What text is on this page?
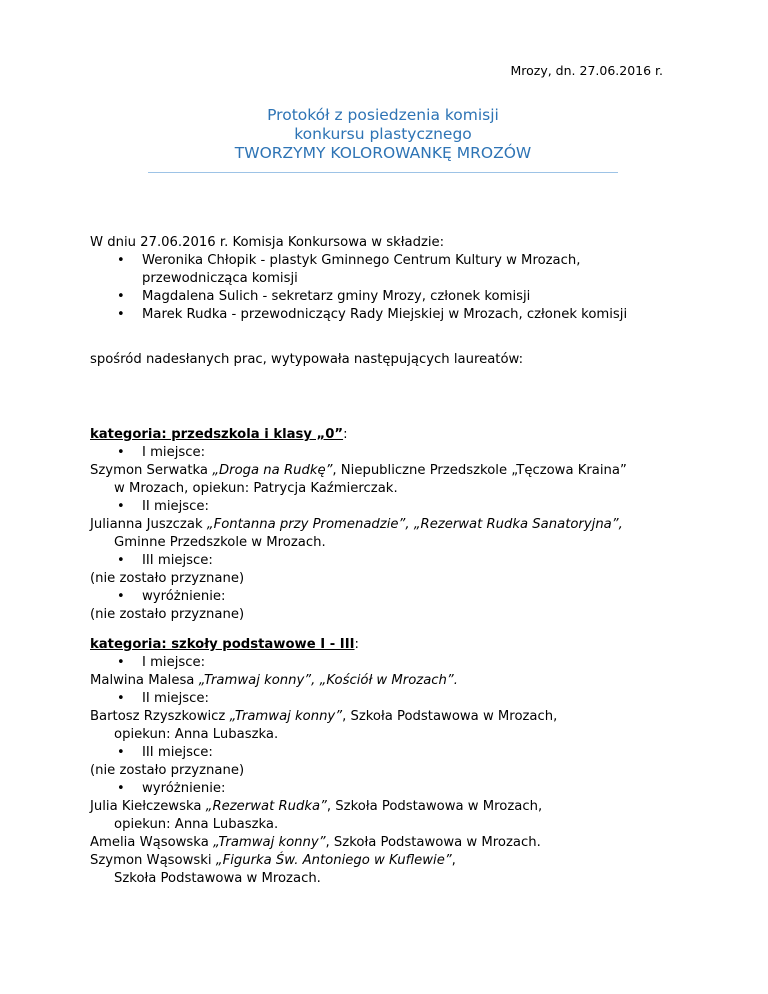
Mrozy, dn. 27.06.2016 r.
Protokół z posiedzenia komisji
konkursu plastycznego
TWORZYMY KOLOROWANKĘ MROZÓW
W dniu 27.06.2016 r. Komisja Konkursowa w składzie:
• Weronika Chłopik - plastyk Gminnego Centrum Kultury w Mrozach,
przewodnicząca komisji
• Magdalena Sulich - sekretarz gminy Mrozy, członek komisji
• Marek Rudka - przewodniczący Rady Miejskiej w Mrozach, członek komisji
spośród nadesłanych prac, wytypowała następujących laureatów:
kategoria: przedszkola i klasy „0”:
• I miejsce:
Szymon Serwatka „Droga na Rudkę”, Niepubliczne Przedszkole „Tęczowa Kraina”
w Mrozach, opiekun: Patrycja Kaźmierczak.
• II miejsce:
Julianna Juszczak „Fontanna przy Promenadzie”, „Rezerwat Rudka Sanatoryjna”,
Gminne Przedszkole w Mrozach.
• III miejsce:
(nie zostało przyznane)
• wyróżnienie:
(nie zostało przyznane)
kategoria: szkoły podstawowe I - III:
• I miejsce:
Malwina Malesa „Tramwaj konny”, „Kościół w Mrozach”.
• II miejsce:
Bartosz Rzyszkowicz „Tramwaj konny”, Szkoła Podstawowa w Mrozach,
opiekun: Anna Lubaszka.
• III miejsce:
(nie zostało przyznane)
• wyróżnienie:
Julia Kiełczewska „Rezerwat Rudka”, Szkoła Podstawowa w Mrozach,
opiekun: Anna Lubaszka.
Amelia Wąsowska „Tramwaj konny”, Szkoła Podstawowa w Mrozach.
Szymon Wąsowski „Figurka Św. Antoniego w Kuflewie”,
Szkoła Podstawowa w Mrozach.
